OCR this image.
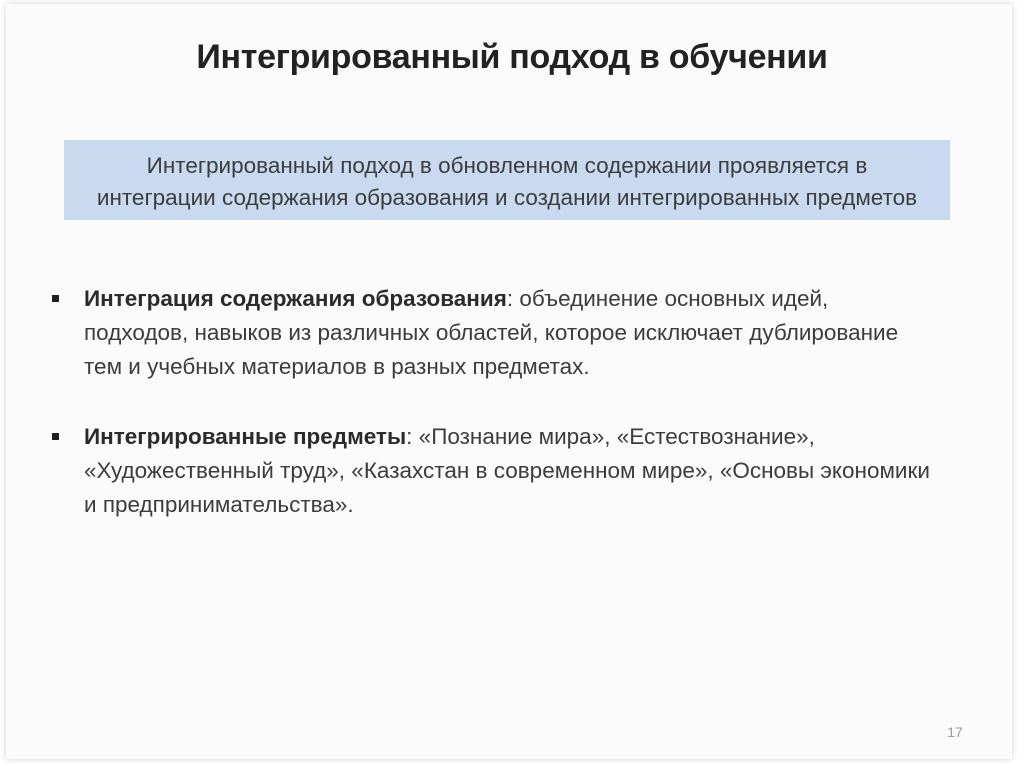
Интегрированный подход в обучении
Интегрированный подход в обновленном содержании проявляется в
интеграции содержания образования и создании интегрированных предметов
Интеграция содержания образования: объединение основных идей,
подходов, навыков из различных областей, которое исключает дублирование
тем и учебных материалов в разных предметах.
Интегрированные предметы: «Познание мира», «Естествознание»,
«Художественный труд», «Казахстан в современном мире», «Основы экономики
и предпринимательства».
17
